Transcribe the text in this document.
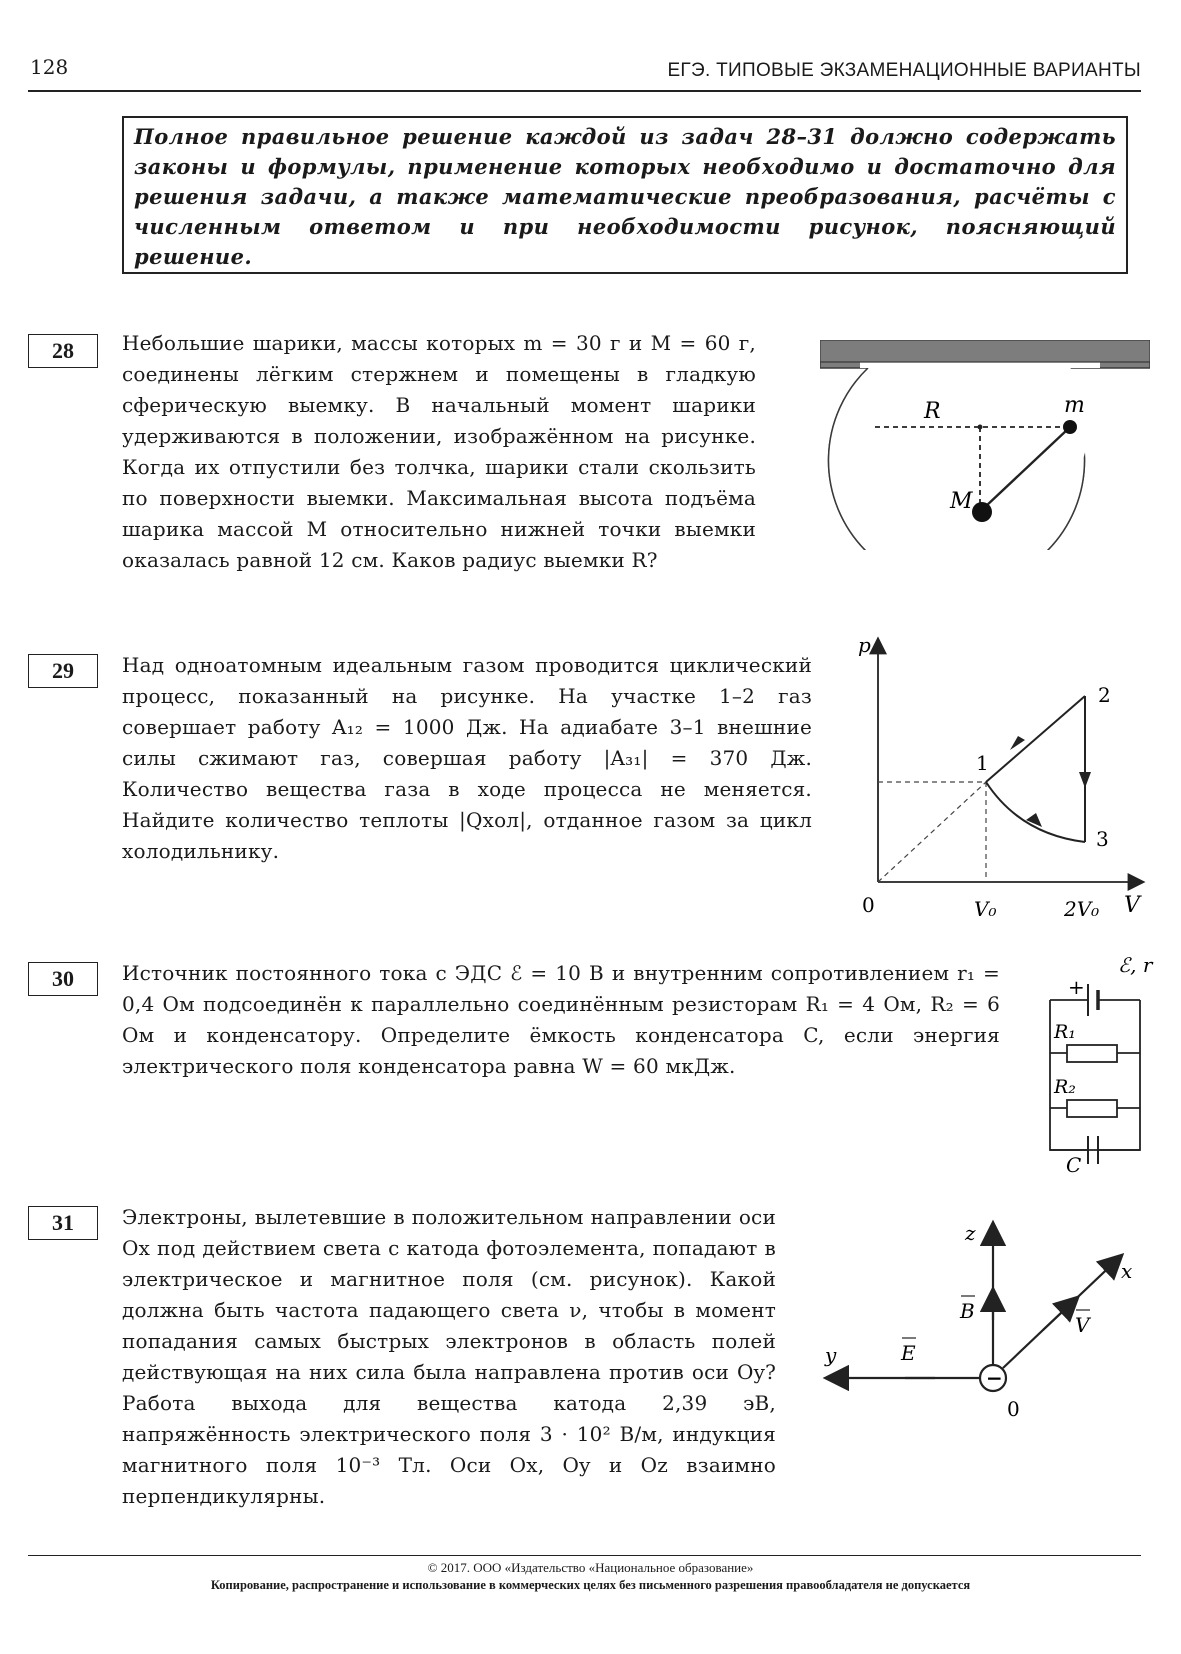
128	ЕГЭ. ТИПОВЫЕ ЭКЗАМЕНАЦИОННЫЕ ВАРИАНТЫ
Полное правильное решение каждой из задач 28–31 должно содержать законы и формулы, применение которых необходимо и достаточно для решения задачи, а также математические преобразования, расчёты с численным ответом и при необходимости рисунок, поясняющий решение.
28	Небольшие шарики, массы которых m = 30 г и M = 60 г, соединены лёгким стержнем и помещены в гладкую сферическую выемку. В начальный момент шарики удерживаются в положении, изображённом на рисунке. Когда их отпустили без толчка, шарики стали скользить по поверхности выемки. Максимальная высота подъёма шарика массой M относительно нижней точки выемки оказалась равной 12 см. Каков радиус выемки R?
R	m
M
29	Над одноатомным идеальным газом проводится циклический процесс, показанный на рисунке. На участке 1–2 газ совершает работу A₁₂ = 1000 Дж. На адиабате 3–1 внешние силы сжимают газ, совершая работу |A₃₁| = 370 Дж. Количество вещества газа в ходе процесса не меняется. Найдите количество теплоты |Qхол|, отданное газом за цикл холодильнику.
p
V
0	V₀	2V₀
1
2
3
30	Источник постоянного тока с ЭДС ℰ = 10 В и внутренним сопротивлением r₁ = 0,4 Ом подсоединён к параллельно соединённым резисторам R₁ = 4 Ом, R₂ = 6 Ом и конденсатору. Определите ёмкость конденсатора C, если энергия электрического поля конденсатора равна W = 60 мкДж.
ℰ, r
+
R₁
R₂
C
31	Электроны, вылетевшие в положительном направлении оси Ox под действием света с катода фотоэлемента, попадают в электрическое и магнитное поля (см. рисунок). Какой должна быть частота падающего света ν, чтобы в момент попадания самых быстрых электронов в область полей действующая на них сила была направлена против оси Oy? Работа выхода для вещества катода 2,39 эВ, напряжённость электрического поля 3 · 10² В/м, индукция магнитного поля 10⁻³ Тл. Оси Ox, Oy и Oz взаимно перпендикулярны.
−
z
x
y
B
V
E
0
© 2017. ООО «Издательство «Национальное образование»
Копирование, распространение и использование в коммерческих целях без письменного разрешения правообладателя не допускается
